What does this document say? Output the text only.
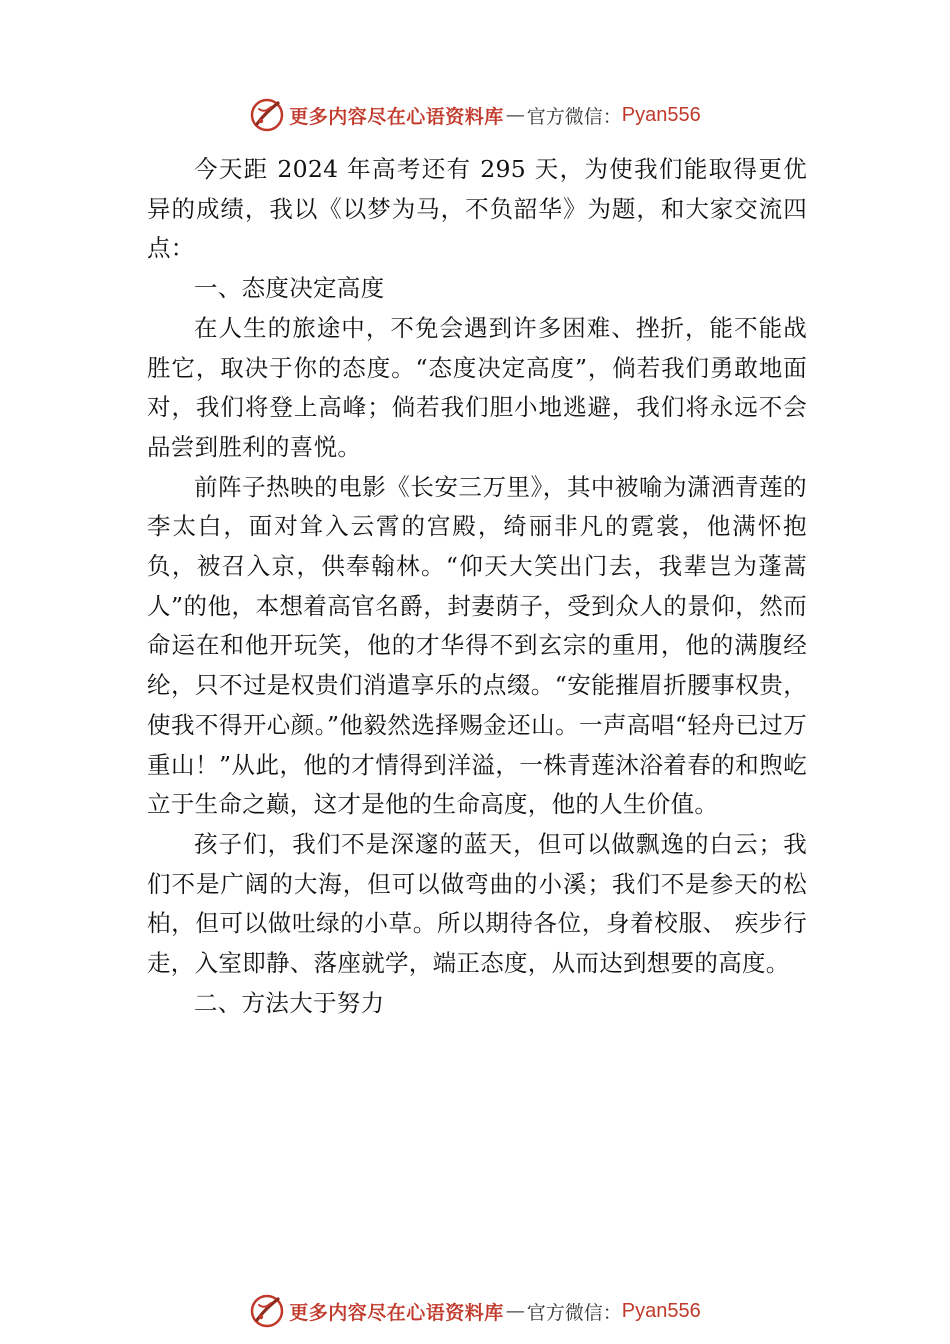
更多内容尽在心语资料库 — 官方微信： Pyan556

今天距 2024 年高考还有 295 天，为使我们能取得更优异的成绩，我以《以梦为马，不负韶华》为题，和大家交流四点：

一、态度决定高度

在人生的旅途中，不免会遇到许多困难、挫折，能不能战胜它，取决于你的态度。“态度决定高度”，倘若我们勇敢地面对，我们将登上高峰；倘若我们胆小地逃避，我们将永远不会品尝到胜利的喜悦。

前阵子热映的电影《长安三万里》，其中被喻为潇洒青莲的李太白，面对耸入云霄的宫殿，绮丽非凡的霓裳，他满怀抱负，被召入京，供奉翰林。“仰天大笑出门去，我辈岂为蓬蒿人”的他，本想着高官名爵，封妻荫子，受到众人的景仰，然而命运在和他开玩笑，他的才华得不到玄宗的重用，他的满腹经纶，只不过是权贵们消遣享乐的点缀。“安能摧眉折腰事权贵，使我不得开心颜。”他毅然选择赐金还山。一声高唱“轻舟已过万重山！”从此，他的才情得到洋溢，一株青莲沐浴着春的和煦屹立于生命之巅，这才是他的生命高度，他的人生价值。

孩子们，我们不是深邃的蓝天，但可以做飘逸的白云；我们不是广阔的大海，但可以做弯曲的小溪；我们不是参天的松柏，但可以做吐绿的小草。所以期待各位，身着校服、 疾步行走，入室即静、落座就学，端正态度，从而达到想要的高度。

二、方法大于努力

更多内容尽在心语资料库 — 官方微信： Pyan556
